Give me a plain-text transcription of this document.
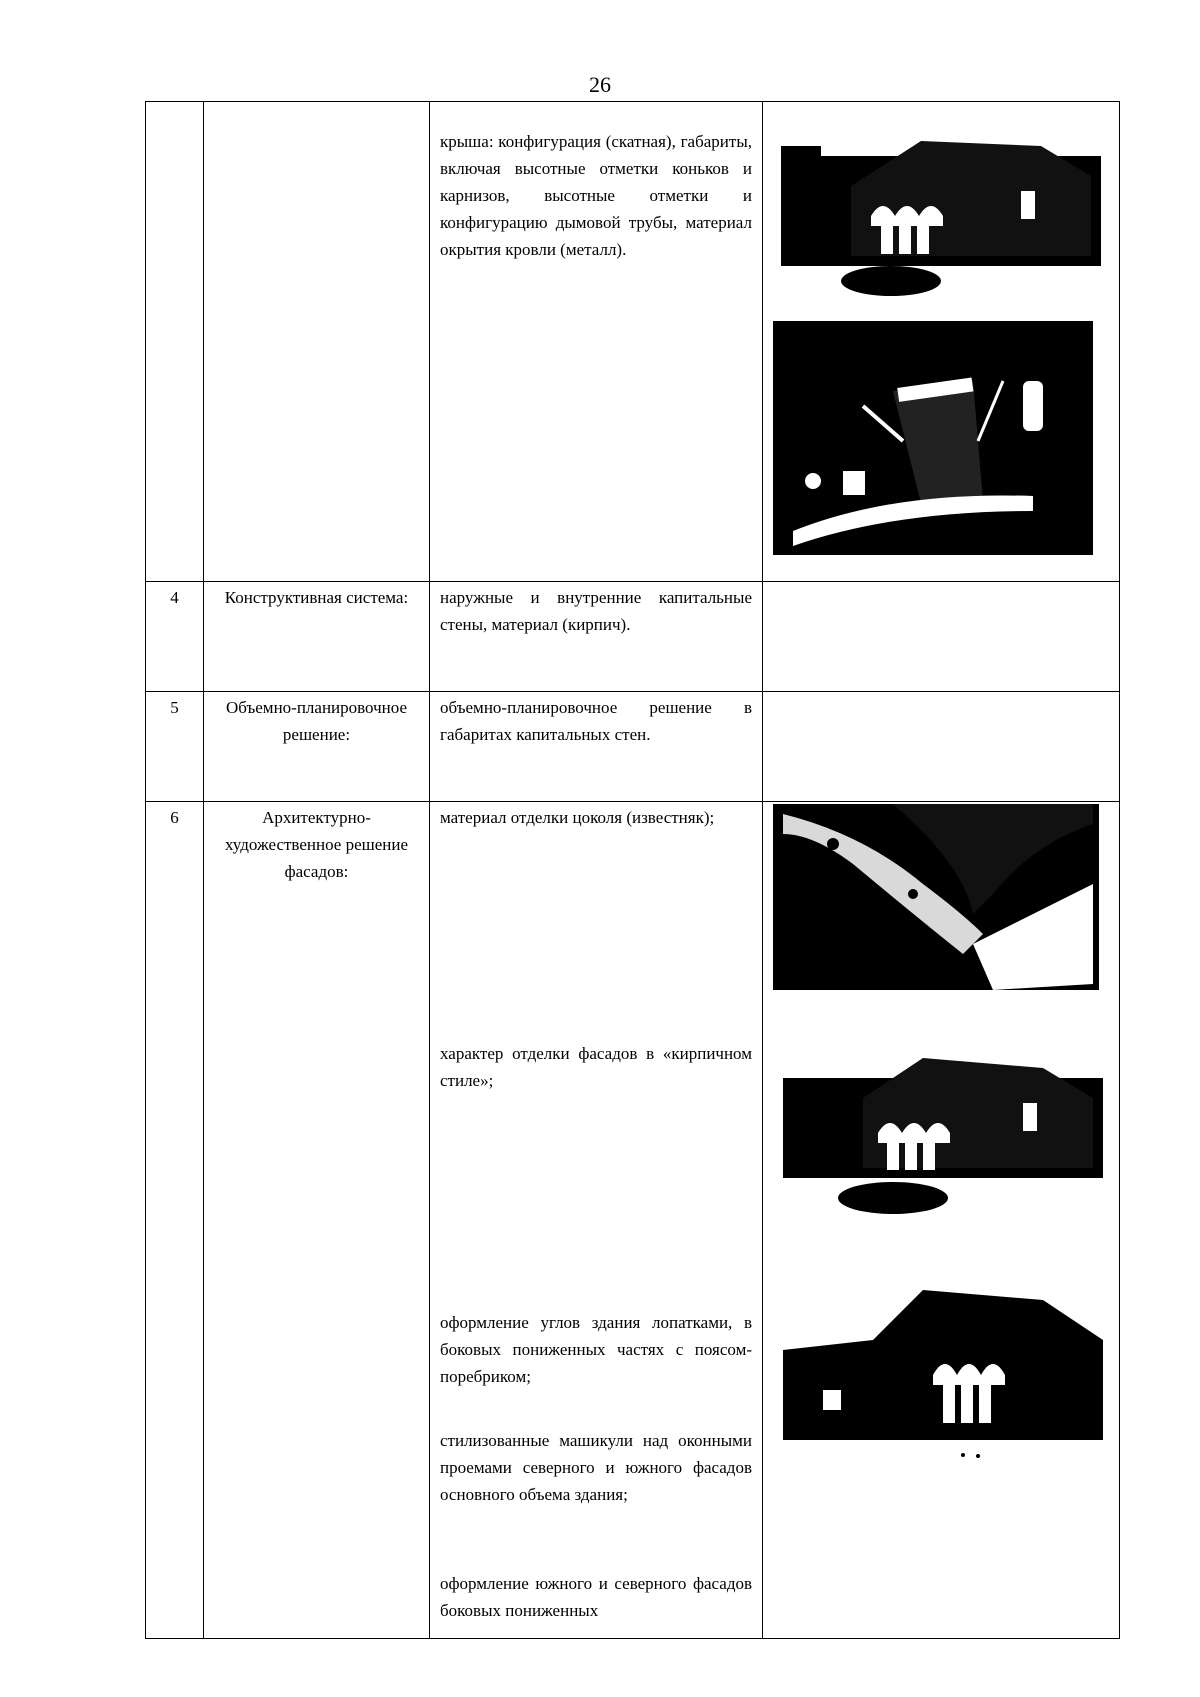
26

		крыша: конфигурация (скатная), габариты, включая высотные отметки коньков и карнизов, высотные отметки и конфигурацию дымовой трубы, материал окрытия кровли (металл).

4	Конструктивная система:	наружные и внутренние капитальные стены, материал (кирпич).	

5	Объемно-планировочное решение:	объемно-планировочное решение в габаритах капитальных стен.	

6	Архитектурно-художественное решение фасадов:	материал отделки цоколя (известняк);
характер отделки фасадов в «кирпичном стиле»;
оформление углов здания лопатками, в боковых пониженных частях с поясом-поребриком;
стилизованные машикули над оконными проемами северного и южного фасадов основного объема здания;
оформление южного и северного фасадов боковых пониженных
